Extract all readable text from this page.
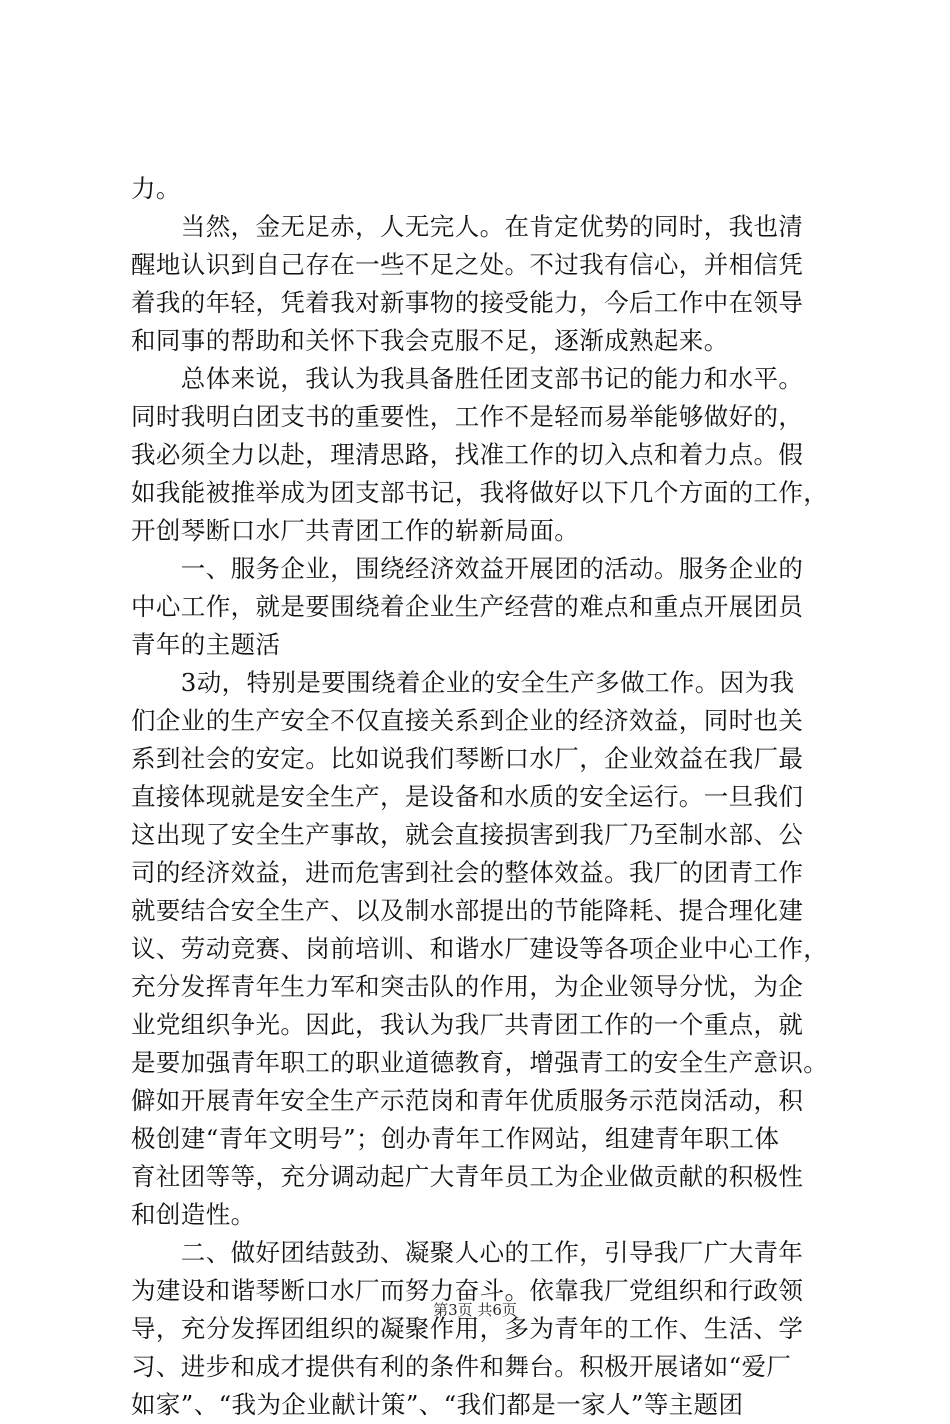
力。
　　当然，金无足赤，人无完人。在肯定优势的同时，我也清
醒地认识到自己存在一些不足之处。不过我有信心，并相信凭
着我的年轻，凭着我对新事物的接受能力，今后工作中在领导
和同事的帮助和关怀下我会克服不足，逐渐成熟起来。
　　总体来说，我认为我具备胜任团支部书记的能力和水平。
同时我明白团支书的重要性，工作不是轻而易举能够做好的，
我必须全力以赴，理清思路，找准工作的切入点和着力点。假
如我能被推举成为团支部书记，我将做好以下几个方面的工作，
开创琴断口水厂共青团工作的崭新局面。
　　一、服务企业，围绕经济效益开展团的活动。服务企业的
中心工作，就是要围绕着企业生产经营的难点和重点开展团员
青年的主题活
　　3动，特别是要围绕着企业的安全生产多做工作。因为我
们企业的生产安全不仅直接关系到企业的经济效益，同时也关
系到社会的安定。比如说我们琴断口水厂，企业效益在我厂最
直接体现就是安全生产，是设备和水质的安全运行。一旦我们
这出现了安全生产事故，就会直接损害到我厂乃至制水部、公
司的经济效益，进而危害到社会的整体效益。我厂的团青工作
就要结合安全生产、以及制水部提出的节能降耗、提合理化建
议、劳动竞赛、岗前培训、和谐水厂建设等各项企业中心工作，
充分发挥青年生力军和突击队的作用，为企业领导分忧，为企
业党组织争光。因此，我认为我厂共青团工作的一个重点，就
是要加强青年职工的职业道德教育，增强青工的安全生产意识。
僻如开展青年安全生产示范岗和青年优质服务示范岗活动，积
极创建“青年文明号”；创办青年工作网站，组建青年职工体
育社团等等，充分调动起广大青年员工为企业做贡献的积极性
和创造性。
　　二、做好团结鼓劲、凝聚人心的工作，引导我厂广大青年
为建设和谐琴断口水厂而努力奋斗。依靠我厂党组织和行政领
导，充分发挥团组织的凝聚作用，多为青年的工作、生活、学
习、进步和成才提供有利的条件和舞台。积极开展诸如“爱厂
如家”、“我为企业献计策”、“我们都是一家人”等主题团
第3页 共6页
